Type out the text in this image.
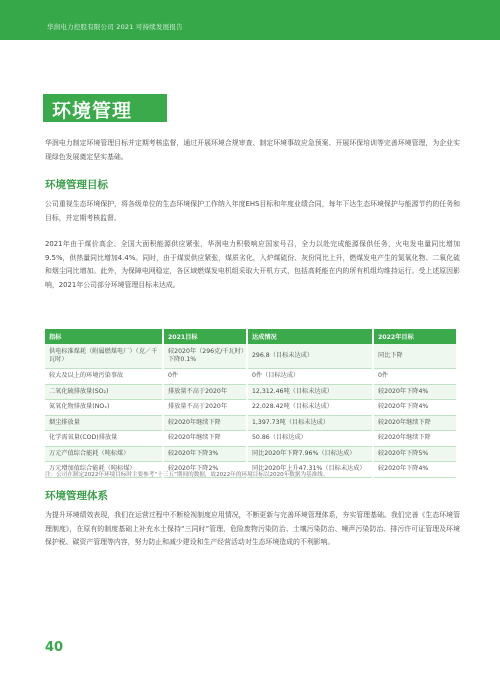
华润电力控股有限公司 2021 可持续发展报告
环境管理

华润电力制定环境管理目标并定期考核监督，通过开展环境合规审查、制定环境事故应急预案、开展环保培训等完善环境管理，为企业实现绿色发展奠定坚实基础。

环境管理目标

公司重视生态环境保护，将各级单位的生态环境保护工作纳入年度EHS目标和年度业绩合同，每年下达生态环境保护与能源节约的任务和目标，并定期考核监督。

2021年由于煤价高企、全国大面积能源供应紧张，华润电力积极响应国家号召，全力以赴完成能源保供任务，火电发电量同比增加9.5%，供热量同比增加4.4%。同时，由于煤炭供应紧张，煤质劣化，入炉煤硫份、灰份同比上升，燃煤发电产生的氮氧化物、二氧化硫和烟尘同比增加。此外，为保障电网稳定，各区域燃煤发电机组采取大开机方式，包括高耗能在内的所有机组均维持运行。受上述原因影响，2021年公司部分环境管理目标未达成。

指标	2021目标	达成情况	2022年目标
供电标准煤耗（附属燃煤电厂）（克／千瓦时）	较2020年（296克/千瓦时）下降0.1%	296.8（目标未达成）	同比下降
较大及以上的环境污染事故	0件	0件（目标达成）	0件
二氧化硫排放量(SO₂)	排放量不高于2020年	12,312.46吨（目标未达成）	较2020年下降4%
氮氧化物排放量(NOₓ)	排放量不高于2020年	22,028.42吨（目标未达成）	较2020年下降4%
烟尘排放量	较2020年继续下降	1,397.73吨（目标未达成）	较2020年继续下降
化学需氧量(COD)排放量	较2020年继续下降	50.86（目标达成）	较2020年继续下降
万元产值综合能耗（吨标煤）	较2020年下降3%	同比2020年下降7.96%（目标达成）	较2020年下降5%
万元增加值综合能耗（吨标煤）	较2020年下降2%	同比2020年上升47.31%（目标未达成）	较2020年下降4%

注：公司在制定2022年环境目标时主要参考“十三五”期间的数据，故2022年的环境目标以2020年数据为基准线。

环境管理体系

为提升环境绩效表现，我们在运营过程中不断检视制度应用情况，不断更新与完善环境管理体系，夯实管理基础。我们完善《生态环境管理制度》，在原有的制度基础上补充水土保持“三同时”管理、危险废物污染防治、土壤污染防治、噪声污染防治、排污许可证管理及环境保护税、碳资产管理等内容，努力防止和减少建设和生产经营活动对生态环境造成的不利影响。

40
